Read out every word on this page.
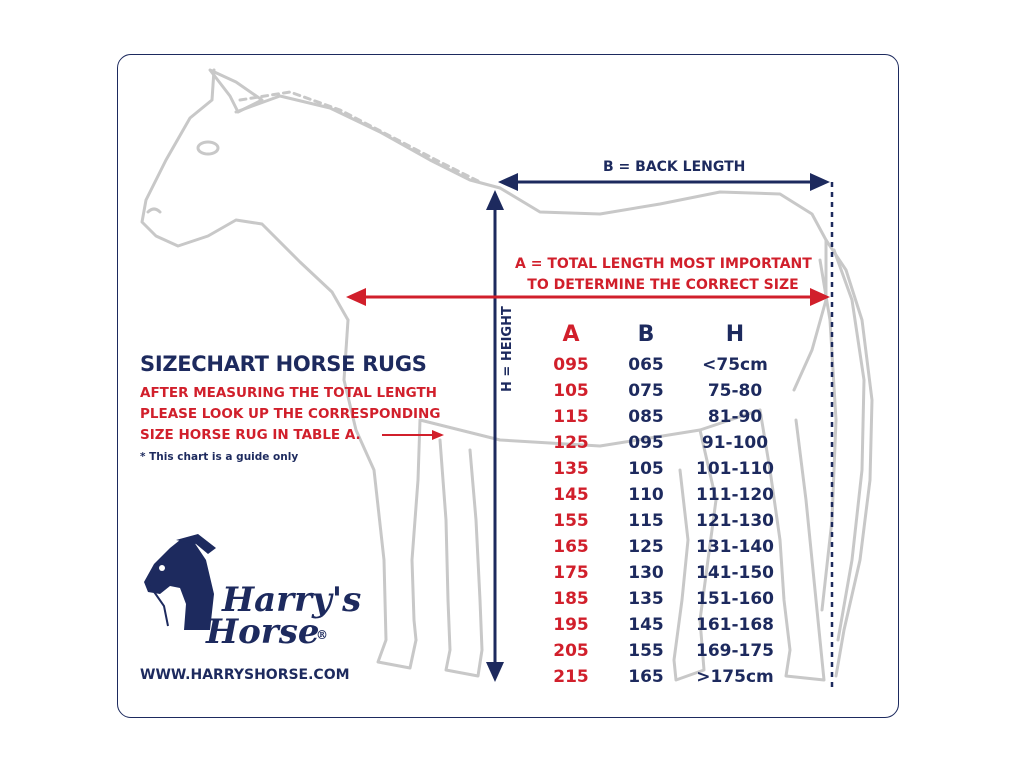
B = BACK LENGTH
A = TOTAL LENGTH MOST IMPORTANT
TO DETERMINE THE CORRECT SIZE
H = HEIGHT
SIZECHART HORSE RUGS
AFTER MEASURING THE TOTAL LENGTH
PLEASE LOOK UP THE CORRESPONDING
SIZE HORSE RUG IN TABLE A.
* This chart is a guide only
Harry's
Horse
®
WWW.HARRYSHORSE.COM
A	B	H
095	065	<75cm
105	075	75-80
115	085	81-90
125	095	91-100
135	105	101-110
145	110	111-120
155	115	121-130
165	125	131-140
175	130	141-150
185	135	151-160
195	145	161-168
205	155	169-175
215	165	>175cm
